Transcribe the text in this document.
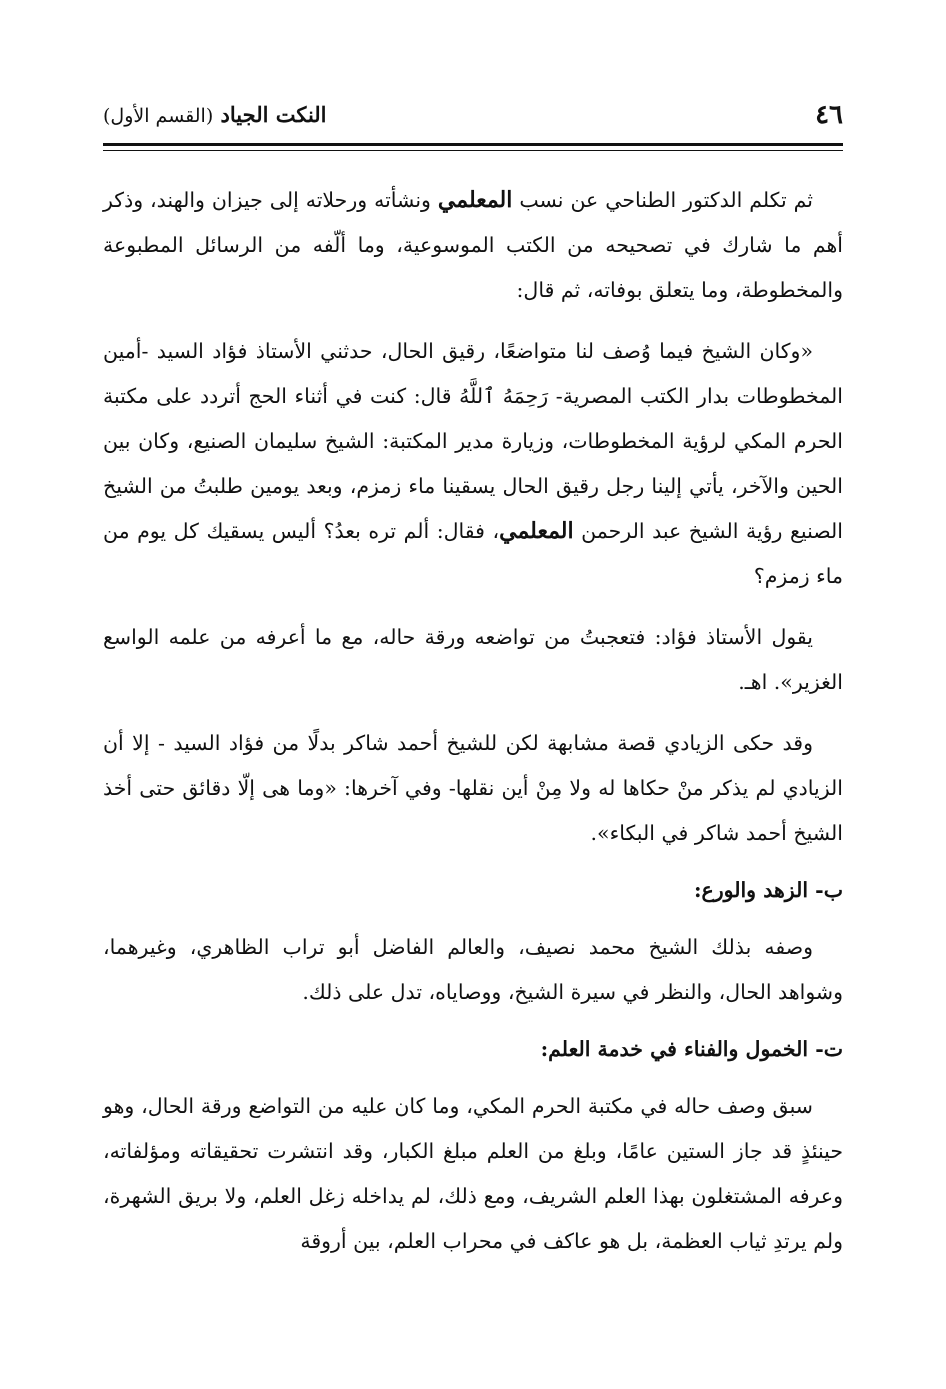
٤٦
النكت الجياد (القسم الأول)

ثم تكلم الدكتور الطناحي عن نسب المعلمي ونشأته ورحلاته إلى جيزان والهند، وذكر أهم ما شارك في تصحيحه من الكتب الموسوعية، وما ألّفه من الرسائل المطبوعة والمخطوطة، وما يتعلق بوفاته، ثم قال:

«وكان الشيخ فيما وُصف لنا متواضعًا، رقيق الحال، حدثني الأستاذ فؤاد السيد -أمين المخطوطات بدار الكتب المصرية- رَحِمَهُ ٱللَّهُ قال: كنت في أثناء الحج أتردد على مكتبة الحرم المكي لرؤية المخطوطات، وزيارة مدير المكتبة: الشيخ سليمان الصنيع، وكان بين الحين والآخر، يأتي إلينا رجل رقيق الحال يسقينا ماء زمزم، وبعد يومين طلبتُ من الشيخ الصنيع رؤية الشيخ عبد الرحمن المعلمي، فقال: ألم تره بعدُ؟ أليس يسقيك كل يوم من ماء زمزم؟

يقول الأستاذ فؤاد: فتعجبتُ من تواضعه ورقة حاله، مع ما أعرفه من علمه الواسع الغزير». اهـ.

وقد حكى الزيادي قصة مشابهة لكن للشيخ أحمد شاكر بدلًا من فؤاد السيد - إلا أن الزيادي لم يذكر منْ حكاها له ولا مِنْ أين نقلها- وفي آخرها: «وما هى إلّا دقائق حتى أخذ الشيخ أحمد شاكر في البكاء».

ب- الزهد والورع:

وصفه بذلك الشيخ محمد نصيف، والعالم الفاضل أبو تراب الظاهري، وغيرهما، وشواهد الحال، والنظر في سيرة الشيخ، ووصاياه، تدل على ذلك.

ت- الخمول والفناء في خدمة العلم:

سبق وصف حاله في مكتبة الحرم المكي، وما كان عليه من التواضع ورقة الحال، وهو حينئذٍ قد جاز الستين عامًا، وبلغ من العلم مبلغ الكبار، وقد انتشرت تحقيقاته ومؤلفاته، وعرفه المشتغلون بهذا العلم الشريف، ومع ذلك، لم يداخله زغل العلم، ولا بريق الشهرة، ولم يرتدِ ثياب العظمة، بل هو عاكف في محراب العلم، بين أروقة
